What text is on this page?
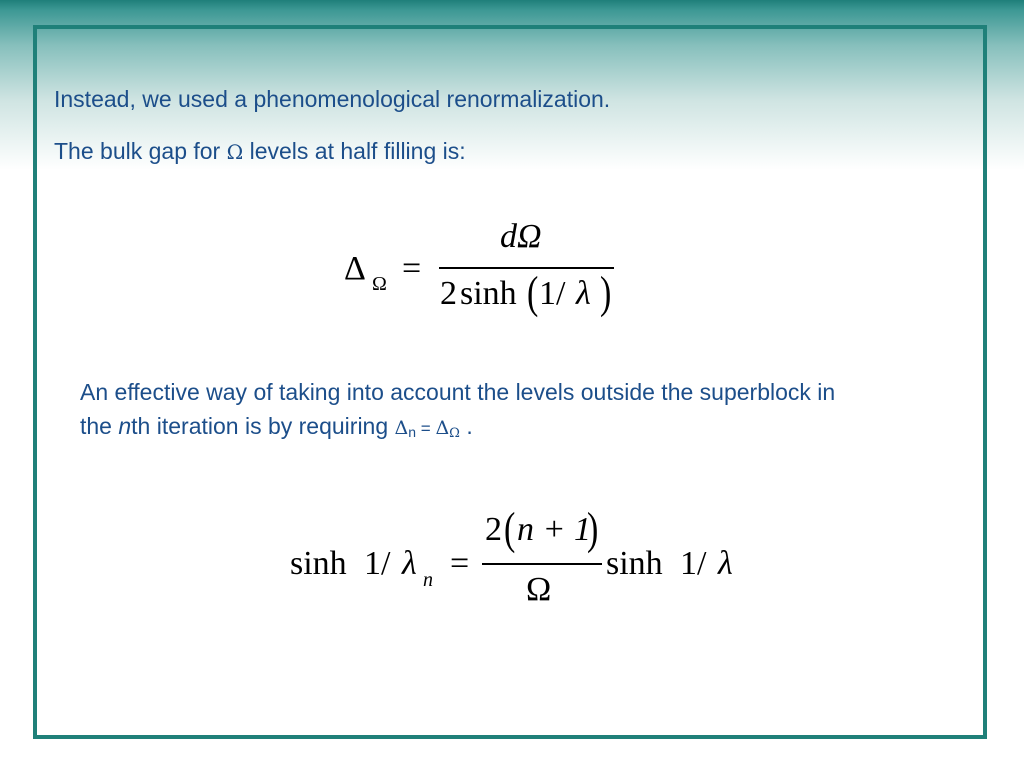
Instead, we used a phenomenological renormalization.
The bulk gap for Ω levels at half filling is:
Δ Ω =
dΩ
2 sinh ( 1/ λ )
An effective way of taking into account the levels outside the superblock in the nth iteration is by requiring $\Delta_n = \Delta\Omega$ .
sinh 1/ λ n =
2 ( n + 1
)
Ω
sinh 1/ λ
